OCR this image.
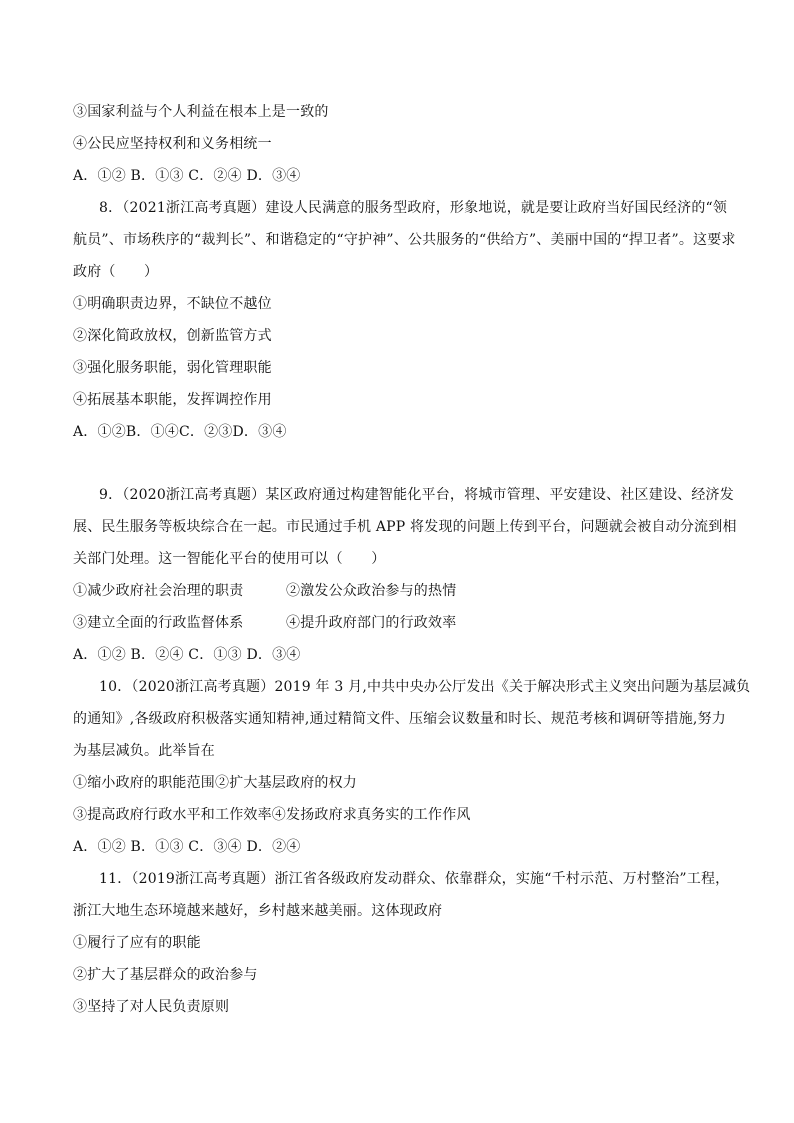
③国家利益与个人利益在根本上是一致的
④公民应坚持权利和义务相统一
A．①② B．①③ C．②④ D．③④
8．（2021浙江高考真题）建设人民满意的服务型政府，形象地说，就是要让政府当好国民经济的“领
航员”、市场秩序的“裁判长”、和谐稳定的“守护神”、公共服务的“供给方”、美丽中国的“捍卫者”。这要求
政府（　　）
①明确职责边界，不缺位不越位
②深化简政放权，创新监管方式
③强化服务职能，弱化管理职能
④拓展基本职能，发挥调控作用
A．①②B．①④C．②③D．③④
9．（2020浙江高考真题）某区政府通过构建智能化平台，将城市管理、平安建设、社区建设、经济发
展、民生服务等板块综合在一起。市民通过手机 APP 将发现的问题上传到平台，问题就会被自动分流到相
关部门处理。这一智能化平台的使用可以（　　）
①减少政府社会治理的职责　　　②激发公众政治参与的热情
③建立全面的行政监督体系　　　④提升政府部门的行政效率
A．①② B．②④ C．①③ D．③④
10．（2020浙江高考真题）2019 年 3 月,中共中央办公厅发出《关于解决形式主义突出问题为基层减负
的通知》,各级政府积极落实通知精神,通过精简文件、压缩会议数量和时长、规范考核和调研等措施,努力
为基层减负。此举旨在
①缩小政府的职能范围②扩大基层政府的权力
③提高政府行政水平和工作效率④发扬政府求真务实的工作作风
A．①② B．①③ C．③④ D．②④
11．（2019浙江高考真题）浙江省各级政府发动群众、依靠群众，实施“千村示范、万村整治”工程，
浙江大地生态环境越来越好，乡村越来越美丽。这体现政府
①履行了应有的职能
②扩大了基层群众的政治参与
③坚持了对人民负责原则
